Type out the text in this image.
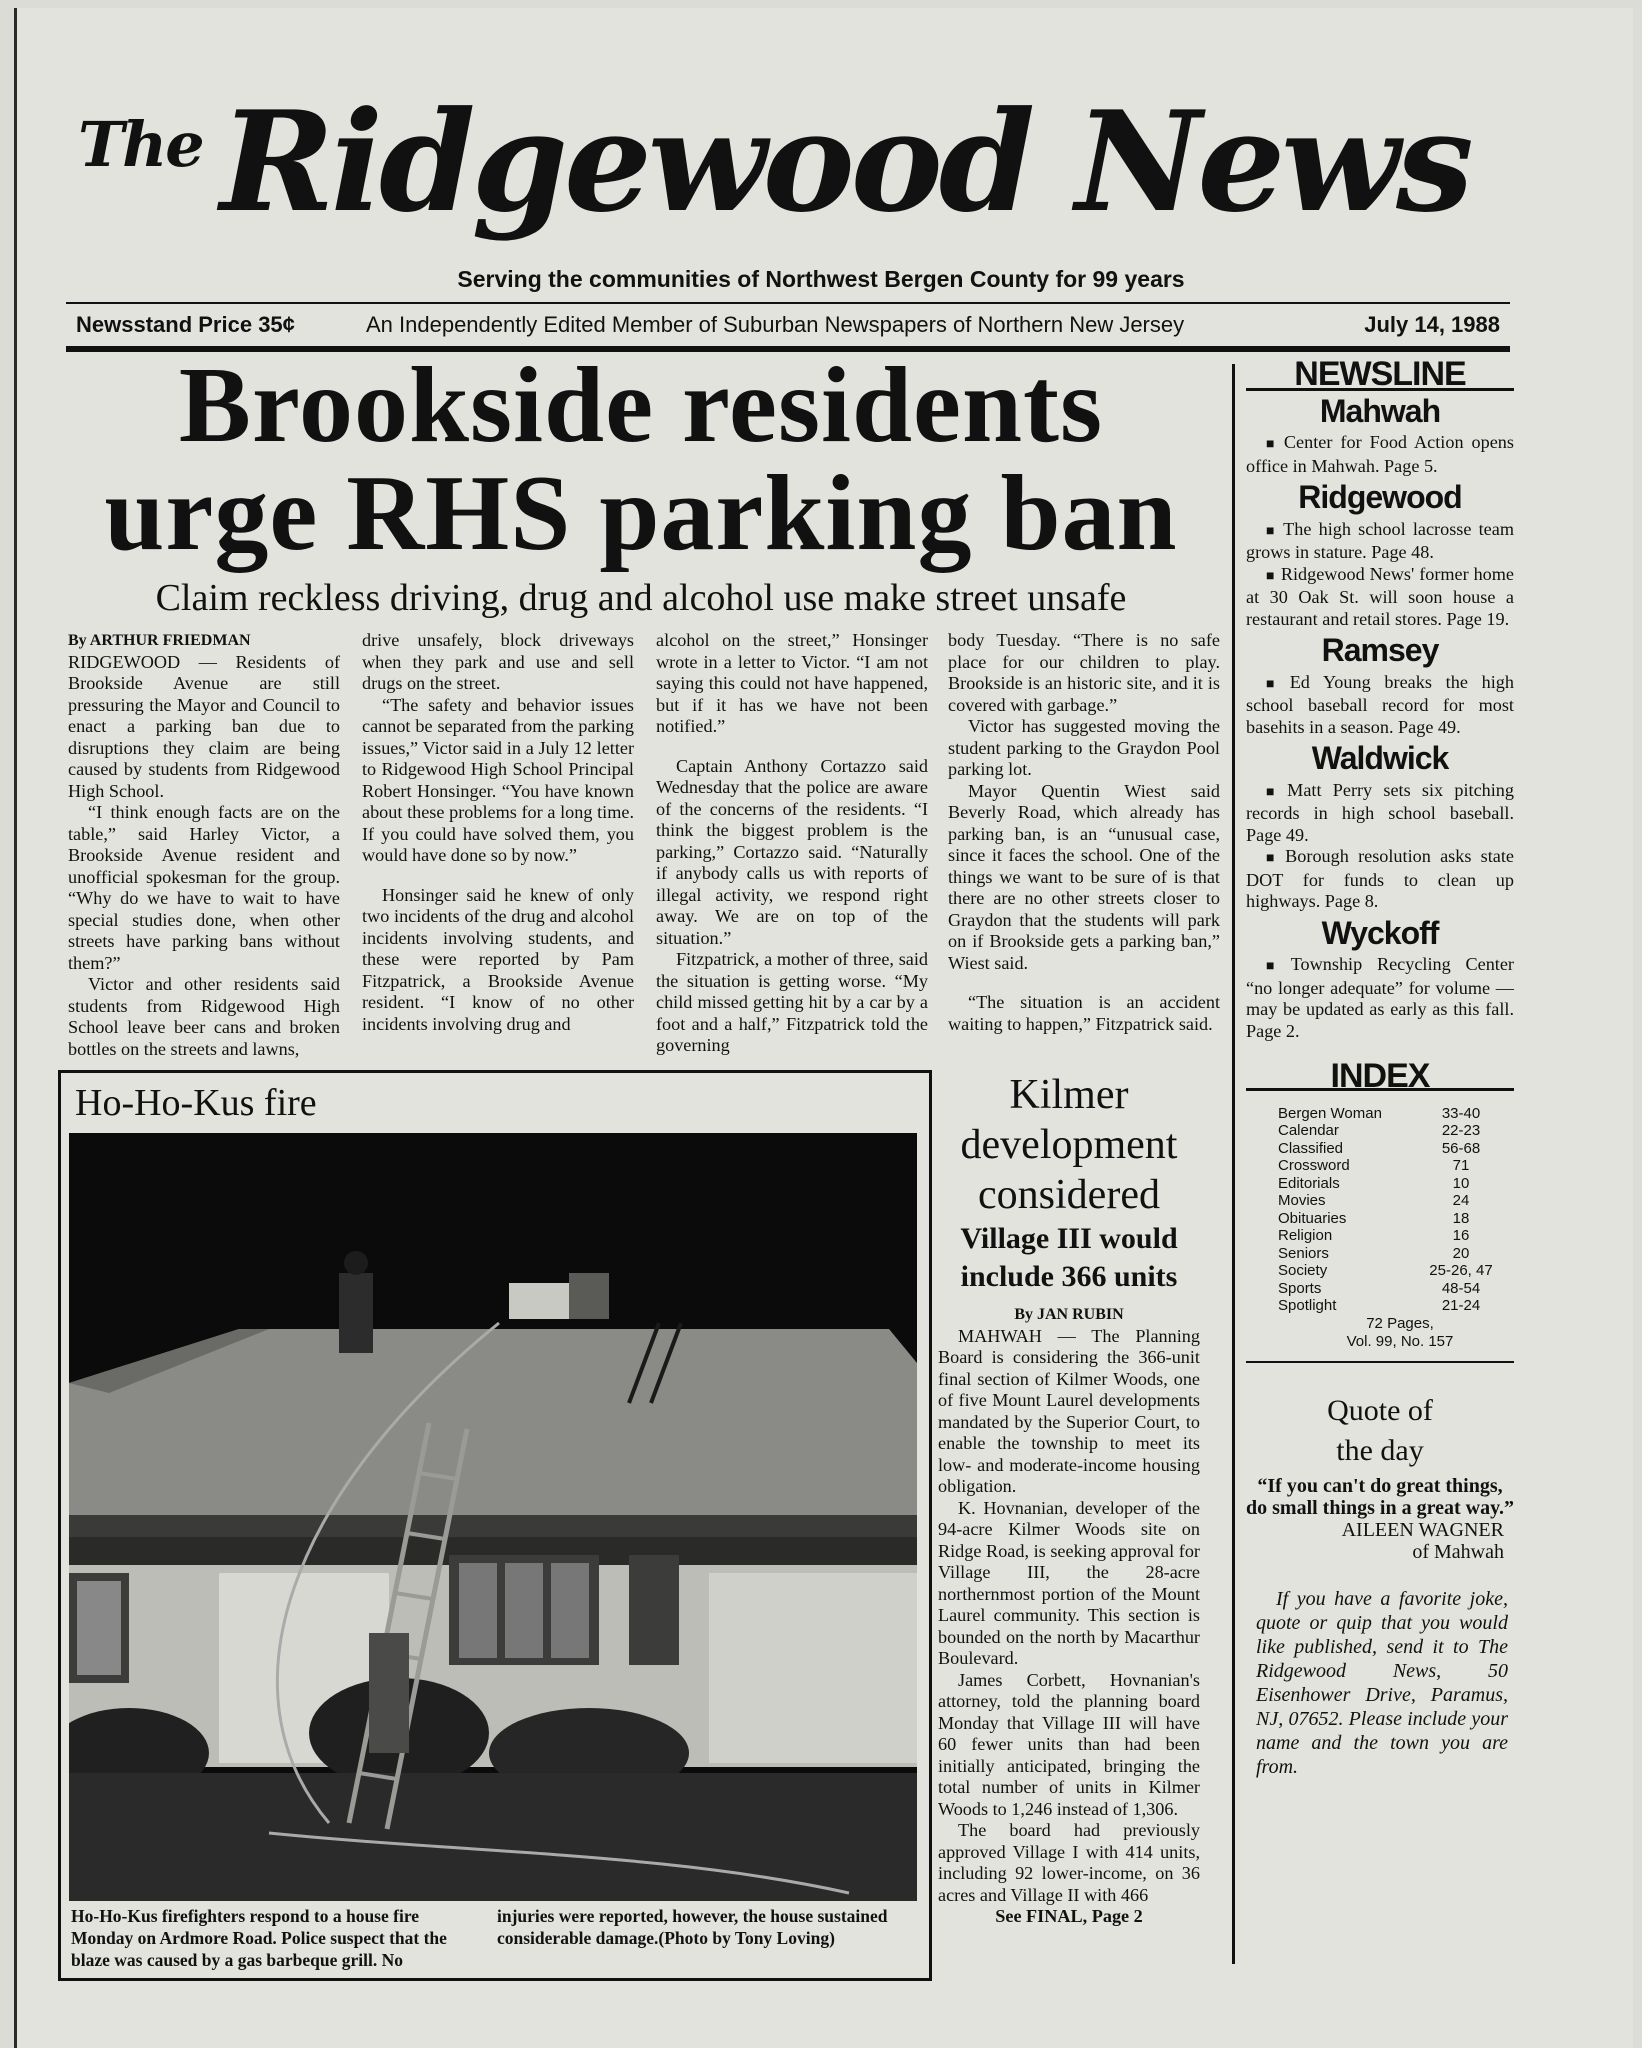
The Ridgewood News
Serving the communities of Northwest Bergen County for 99 years
Newsstand Price 35¢	An Independently Edited Member of Suburban Newspapers of Northern New Jersey	July 14, 1988
Brookside residents
urge RHS parking ban
Claim reckless driving, drug and alcohol use make street unsafe

By ARTHUR FRIEDMAN

RIDGEWOOD — Residents of Brookside Avenue are still pressuring the Mayor and Council to enact a parking ban due to disruptions they claim are being caused by students from Ridgewood High School.

“I think enough facts are on the table,” said Harley Victor, a Brookside Avenue resident and unofficial spokesman for the group. “Why do we have to wait to have special studies done, when other streets have parking bans without them?”

Victor and other residents said students from Ridgewood High School leave beer cans and broken bottles on the streets and lawns,

drive unsafely, block driveways when they park and use and sell drugs on the street.

“The safety and behavior issues cannot be separated from the parking issues,” Victor said in a July 12 letter to Ridgewood High School Principal Robert Honsinger. “You have known about these problems for a long time. If you could have solved them, you would have done so by now.”

Honsinger said he knew of only two incidents of the drug and alcohol incidents involving students, and these were reported by Pam Fitzpatrick, a Brookside Avenue resident. “I know of no other incidents involving drug and

alcohol on the street,” Honsinger wrote in a letter to Victor. “I am not saying this could not have happened, but if it has we have not been notified.”

Captain Anthony Cortazzo said Wednesday that the police are aware of the concerns of the residents. “I think the biggest problem is the parking,” Cortazzo said. “Naturally if anybody calls us with reports of illegal activity, we respond right away. We are on top of the situation.”

Fitzpatrick, a mother of three, said the situation is getting worse. “My child missed getting hit by a car by a foot and a half,” Fitzpatrick told the governing

body Tuesday. “There is no safe place for our children to play. Brookside is an historic site, and it is covered with garbage.”

Victor has suggested moving the student parking to the Graydon Pool parking lot.

Mayor Quentin Wiest said Beverly Road, which already has parking ban, is an “unusual case, since it faces the school. One of the things we want to be sure of is that there are no other streets closer to Graydon that the students will park on if Brookside gets a parking ban,” Wiest said.

“The situation is an accident waiting to happen,” Fitzpatrick said.

Ho-Ho-Kus fire
Ho-Ho-Kus firefighters respond to a house fire Monday on Ardmore Road. Police suspect that the blaze was caused by a gas barbeque grill. No
injuries were reported, however, the house sustained considerable damage.(Photo by Tony Loving)
Kilmer development considered
Village III would include 366 units

By JAN RUBIN

MAHWAH — The Planning Board is considering the 366-unit final section of Kilmer Woods, one of five Mount Laurel developments mandated by the Superior Court, to enable the township to meet its low- and moderate-income housing obligation.

K. Hovnanian, developer of the 94-acre Kilmer Woods site on Ridge Road, is seeking approval for Village III, the 28-acre northernmost portion of the Mount Laurel community. This section is bounded on the north by Macarthur Boulevard.

James Corbett, Hovnanian's attorney, told the planning board Monday that Village III will have 60 fewer units than had been initially anticipated, bringing the total number of units in Kilmer Woods to 1,246 instead of 1,306.

The board had previously approved Village I with 414 units, including 92 lower-income, on 36 acres and Village II with 466

See FINAL, Page 2

NEWSLINE
Mahwah

■ Center for Food Action opens office in Mahwah. Page 5.

Ridgewood

■ The high school lacrosse team grows in stature. Page 48.

■ Ridgewood News' former home at 30 Oak St. will soon house a restaurant and retail stores. Page 19.

Ramsey

■ Ed Young breaks the high school baseball record for most basehits in a season. Page 49.

Waldwick

■ Matt Perry sets six pitching records in high school baseball. Page 49.

■ Borough resolution asks state DOT for funds to clean up highways. Page 8.

Wyckoff

■ Township Recycling Center “no longer adequate” for volume — may be updated as early as this fall. Page 2.

INDEX
Bergen Woman	33-40
Calendar	22-23
Classified	56-68
Crossword	71
Editorials	10
Movies	24
Obituaries	18
Religion	16
Seniors	20
Society	25-26, 47
Sports	48-54
Spotlight	21-24
72 Pages,
Vol. 99, No. 157
Quote of
the day
“If you can't do great things, do small things in a great way.”
AILEEN WAGNER
of Mahwah
If you have a favorite joke, quote or quip that you would like published, send it to The Ridgewood News, 50 Eisenhower Drive, Paramus, NJ, 07652. Please include your name and the town you are from.
